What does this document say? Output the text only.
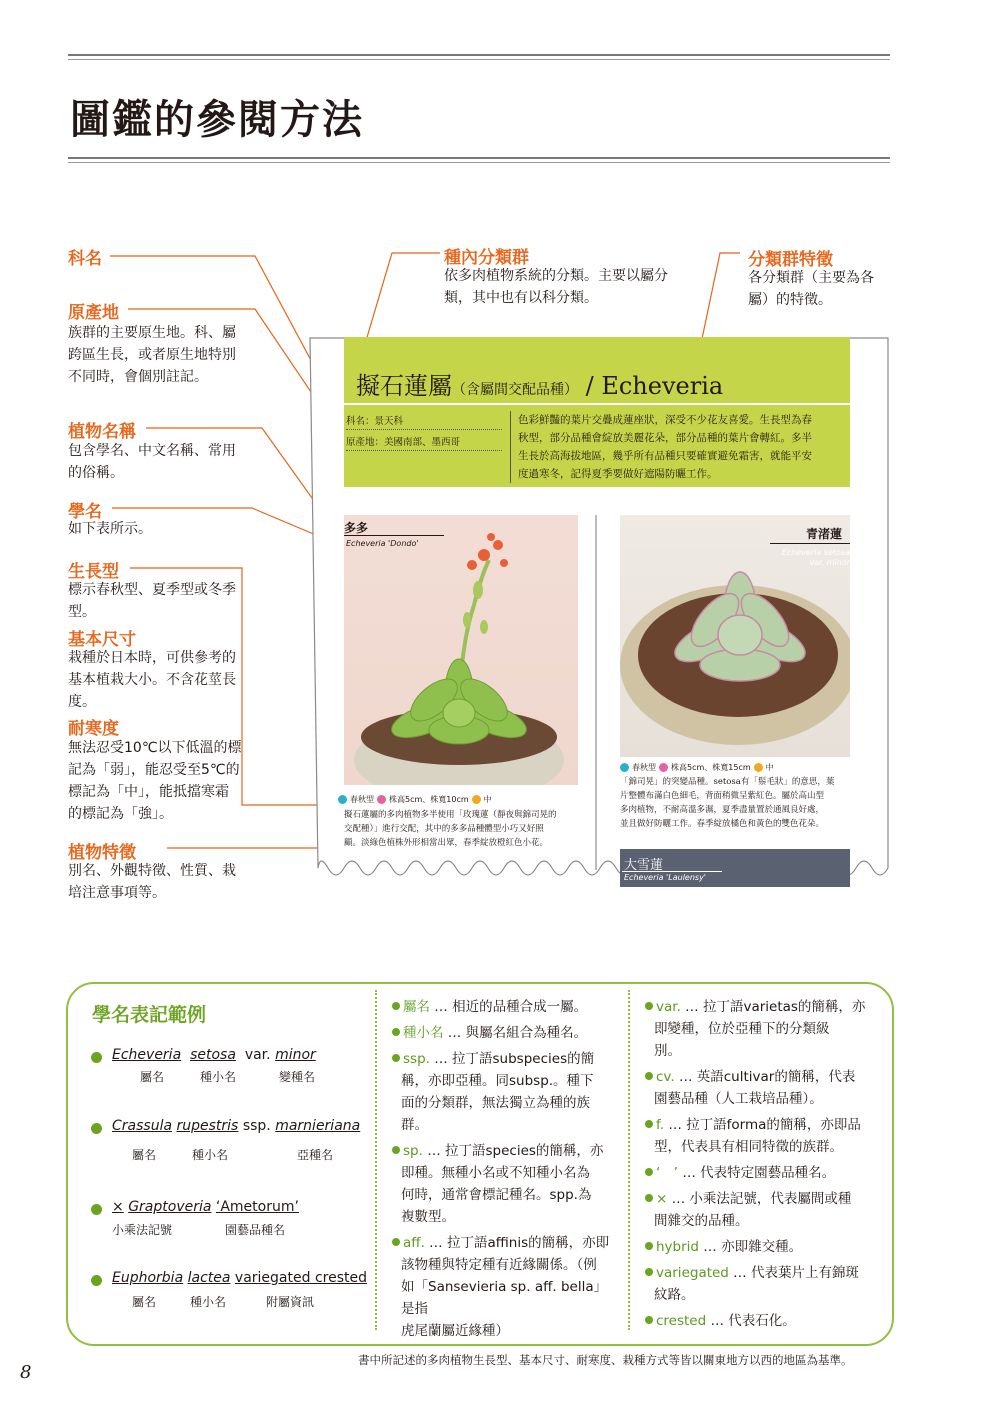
圖鑑的參閱方法
科名
原產地
族群的主要原生地。科、屬
跨區生長，或者原生地特別
不同時，會個別註記。
植物名稱
包含學名、中文名稱、常用
的俗稱。
學名
如下表所示。
生長型
標示春秋型、夏季型或冬季
型。
基本尺寸
栽種於日本時，可供參考的
基本植栽大小。不含花莖長
度。
耐寒度
無法忍受10℃以下低溫的標
記為「弱」，能忍受至5℃的
標記為「中」，能抵擋寒霜
的標記為「強」。
植物特徵
別名、外觀特徵、性質、栽
培注意事項等。
種內分類群
依多肉植物系統的分類。主要以屬分
類，其中也有以科分類。
分類群特徵
各分類群（主要為各
屬）的特徵。
擬石蓮屬（含屬間交配品種） / Echeveria
科名：景天科
原產地：美國南部、墨西哥
色彩鮮豔的葉片交疊成蓮座狀，深受不少花友喜愛。生長型為春
秋型，部分品種會綻放美麗花朵，部分品種的葉片會轉紅。多半
生長於高海拔地區，幾乎所有品種只要確實避免霜害，就能平安
度過寒冬，記得夏季要做好遮陽防曬工作。
多多
Echeveria 'Dondo'
春秋型 株高5cm、株寬10cm 中
擬石蓮屬的多肉植物多半使用「玫瑰蓮（靜夜與錦司晃的
交配種）」進行交配，其中的多多品種體型小巧又好照
顧。淡綠色植株外形相當出眾，春季綻放橙紅色小花。
青渚蓮
Echeveria setosa
var. minor
春秋型 株高5cm、株寬15cm 中
「錦司晃」的突變品種。setosa有「鬃毛狀」的意思，葉
片整體布滿白色細毛，背面稍微呈紫紅色。屬於高山型
多肉植物，不耐高溫多濕，夏季盡量置於通風良好處，
並且做好防曬工作。春季綻放橘色和黃色的雙色花朵。
大雪蓮
Echeveria 'Laulensy'
學名表記範例
Echeveria setosa var. minor
屬名	種小名	變種名
Crassula rupestris ssp. marnieriana
屬名	種小名	亞種名
× Graptoveria ‘Ametorum’
小乘法記號	園藝品種名
Euphorbia lactea variegated crested
屬名	種小名	附屬資訊
屬名 … 相近的品種合成一屬。
種小名 … 與屬名組合為種名。
ssp. … 拉丁語subspecies的簡
稱，亦即亞種。同subsp.。種下
面的分類群，無法獨立為種的族
群。
sp. … 拉丁語species的簡稱，亦
即種。無種小名或不知種小名為
何時，通常會標記種名。spp.為
複數型。
aff. … 拉丁語affinis的簡稱，亦即
該物種與特定種有近緣關係。（例
如「Sansevieria sp. aff. bella」是指
虎尾蘭屬近緣種）
var. … 拉丁語varietas的簡稱，亦
即變種，位於亞種下的分類級
別。
cv. … 英語cultivar的簡稱，代表
園藝品種（人工栽培品種）。
f. … 拉丁語forma的簡稱，亦即品
型，代表具有相同特徵的族群。
‘　’ … 代表特定園藝品種名。
× … 小乘法記號，代表屬間或種
間雜交的品種。
hybrid … 亦即雜交種。
variegated … 代表葉片上有錦斑
紋路。
crested … 代表石化。
書中所記述的多肉植物生長型、基本尺寸、耐寒度、栽種方式等皆以關東地方以西的地區為基準。
8
